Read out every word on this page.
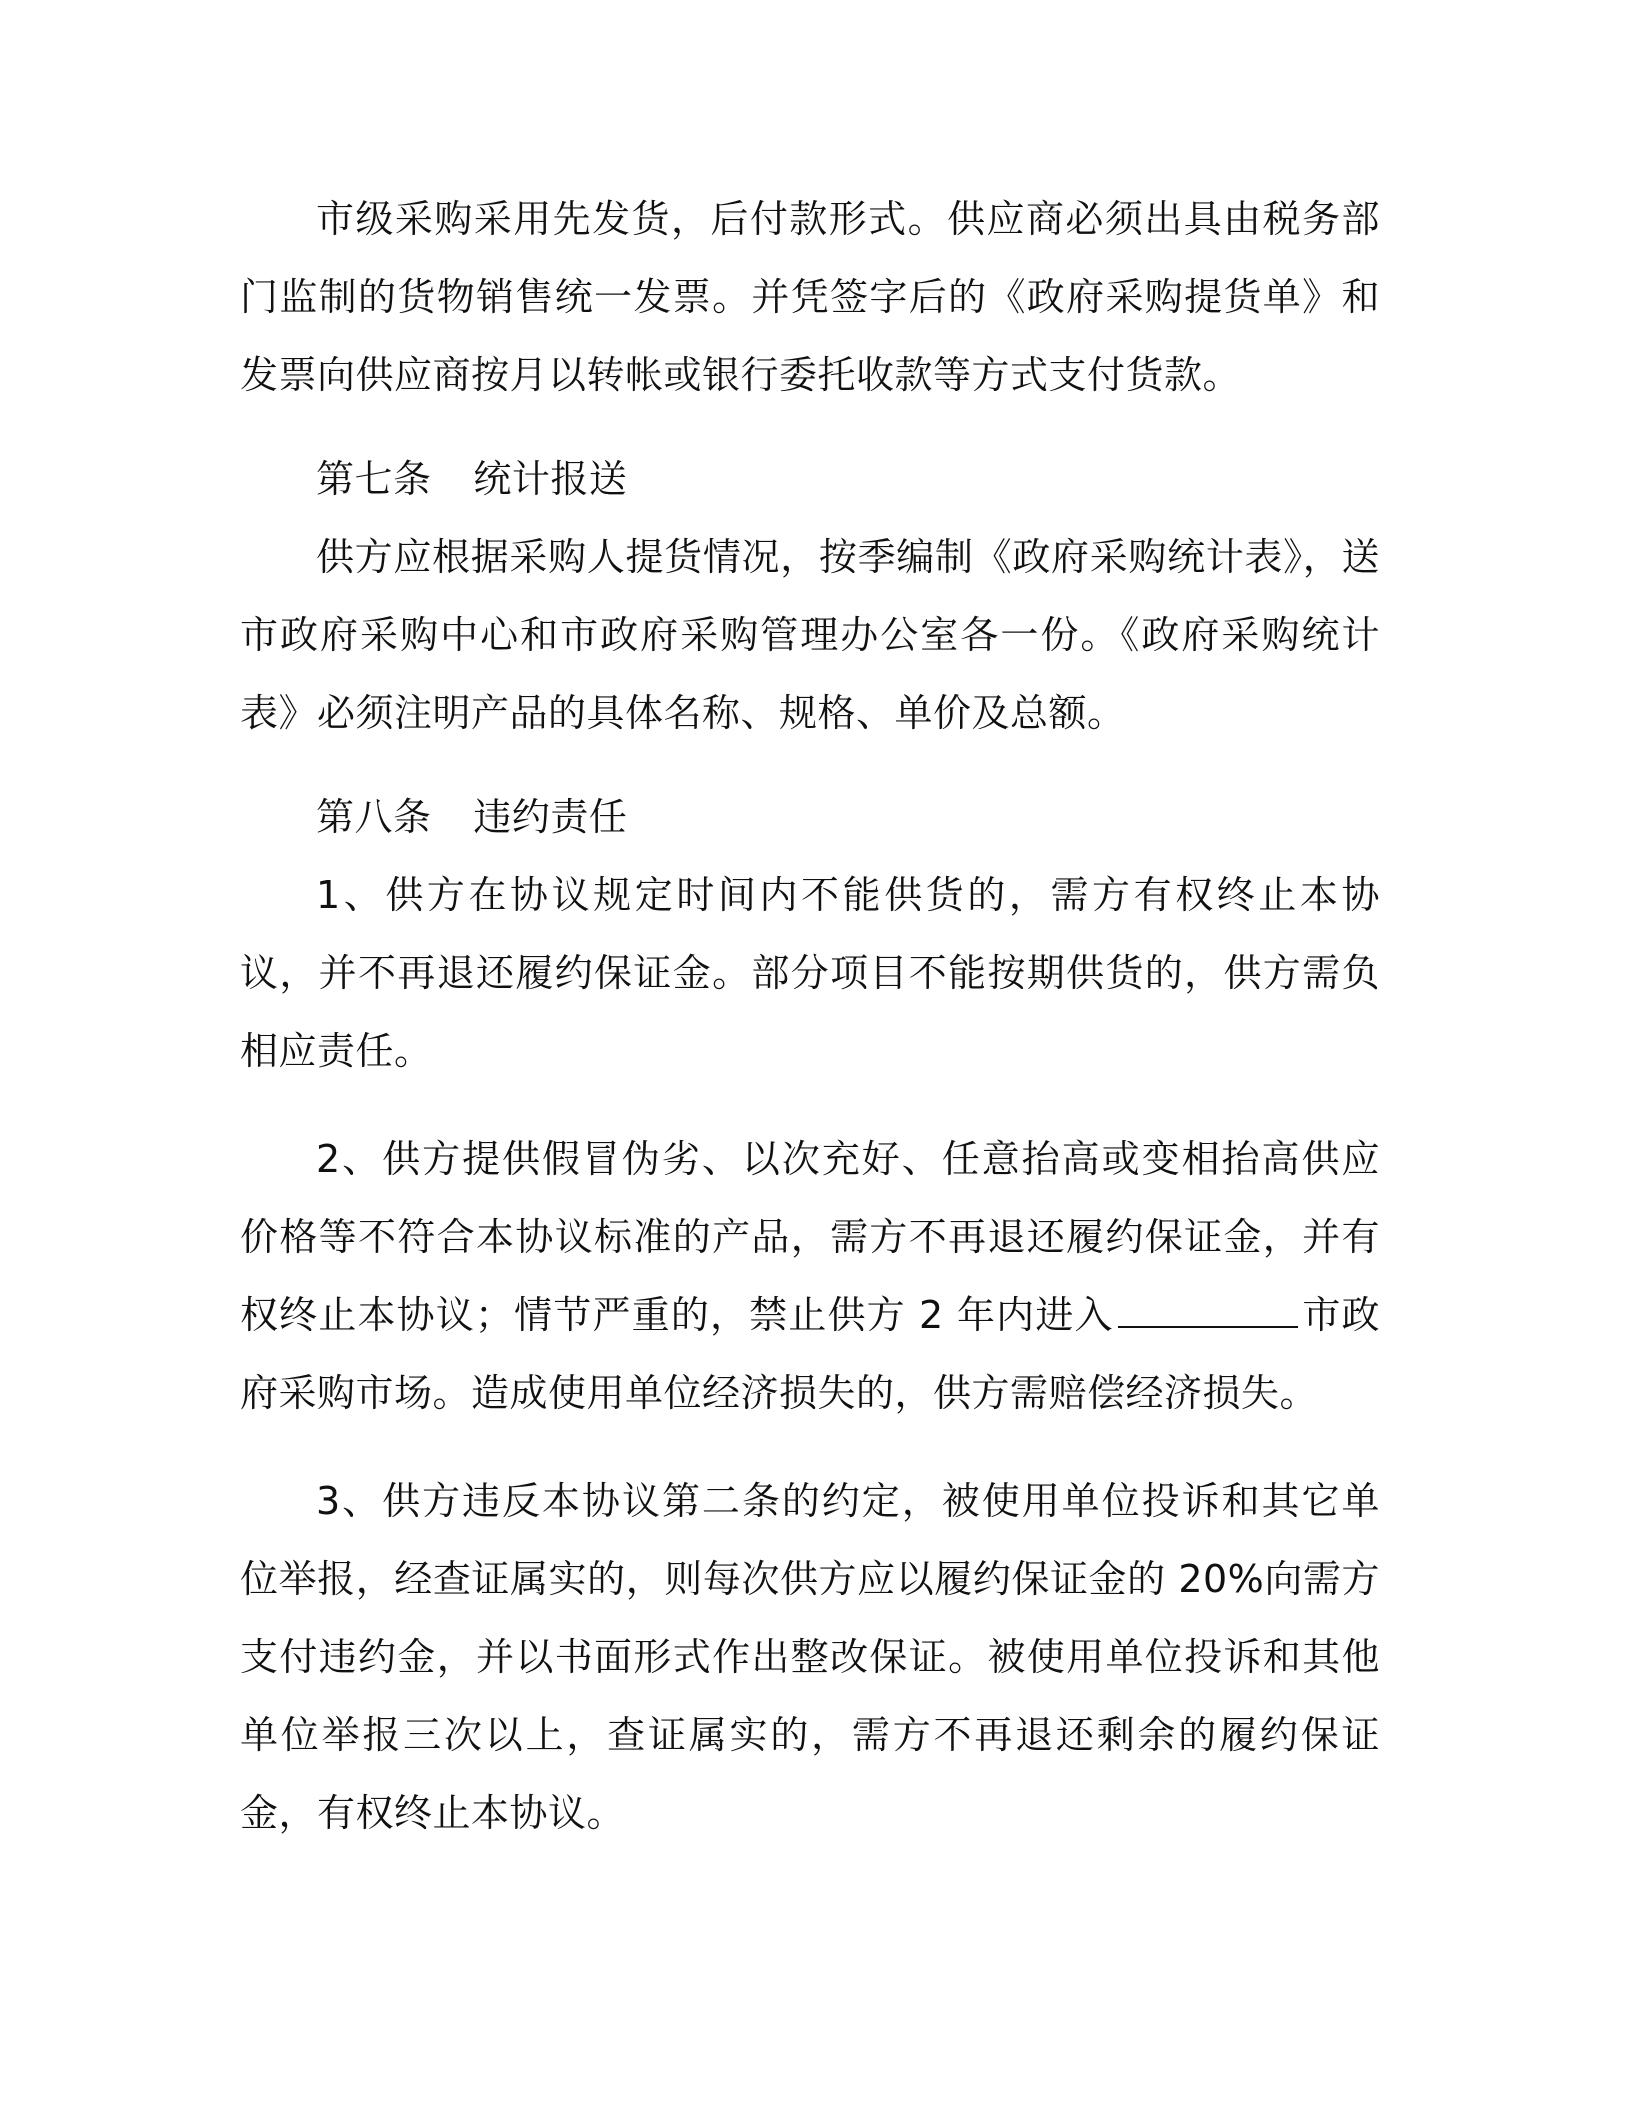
市级采购采用先发货，后付款形式。供应商必须出具由税务部门监制的货物销售统一发票。并凭签字后的《政府采购提货单》和发票向供应商按月以转帐或银行委托收款等方式支付货款。

第七条 统计报送

供方应根据采购人提货情况，按季编制《政府采购统计表》，送市政府采购中心和市政府采购管理办公室各一份。《政府采购统计表》必须注明产品的具体名称、规格、单价及总额。

第八条 违约责任

1、供方在协议规定时间内不能供货的，需方有权终止本协议，并不再退还履约保证金。部分项目不能按期供货的，供方需负相应责任。

2、供方提供假冒伪劣、以次充好、任意抬高或变相抬高供应价格等不符合本协议标准的产品，需方不再退还履约保证金，并有权终止本协议；情节严重的，禁止供方 2 年内进入	市政府采购市场。造成使用单位经济损失的，供方需赔偿经济损失。

3、供方违反本协议第二条的约定，被使用单位投诉和其它单位举报，经查证属实的，则每次供方应以履约保证金的 20%向需方支付违约金，并以书面形式作出整改保证。被使用单位投诉和其他单位举报三次以上，查证属实的，需方不再退还剩余的履约保证金，有权终止本协议。
